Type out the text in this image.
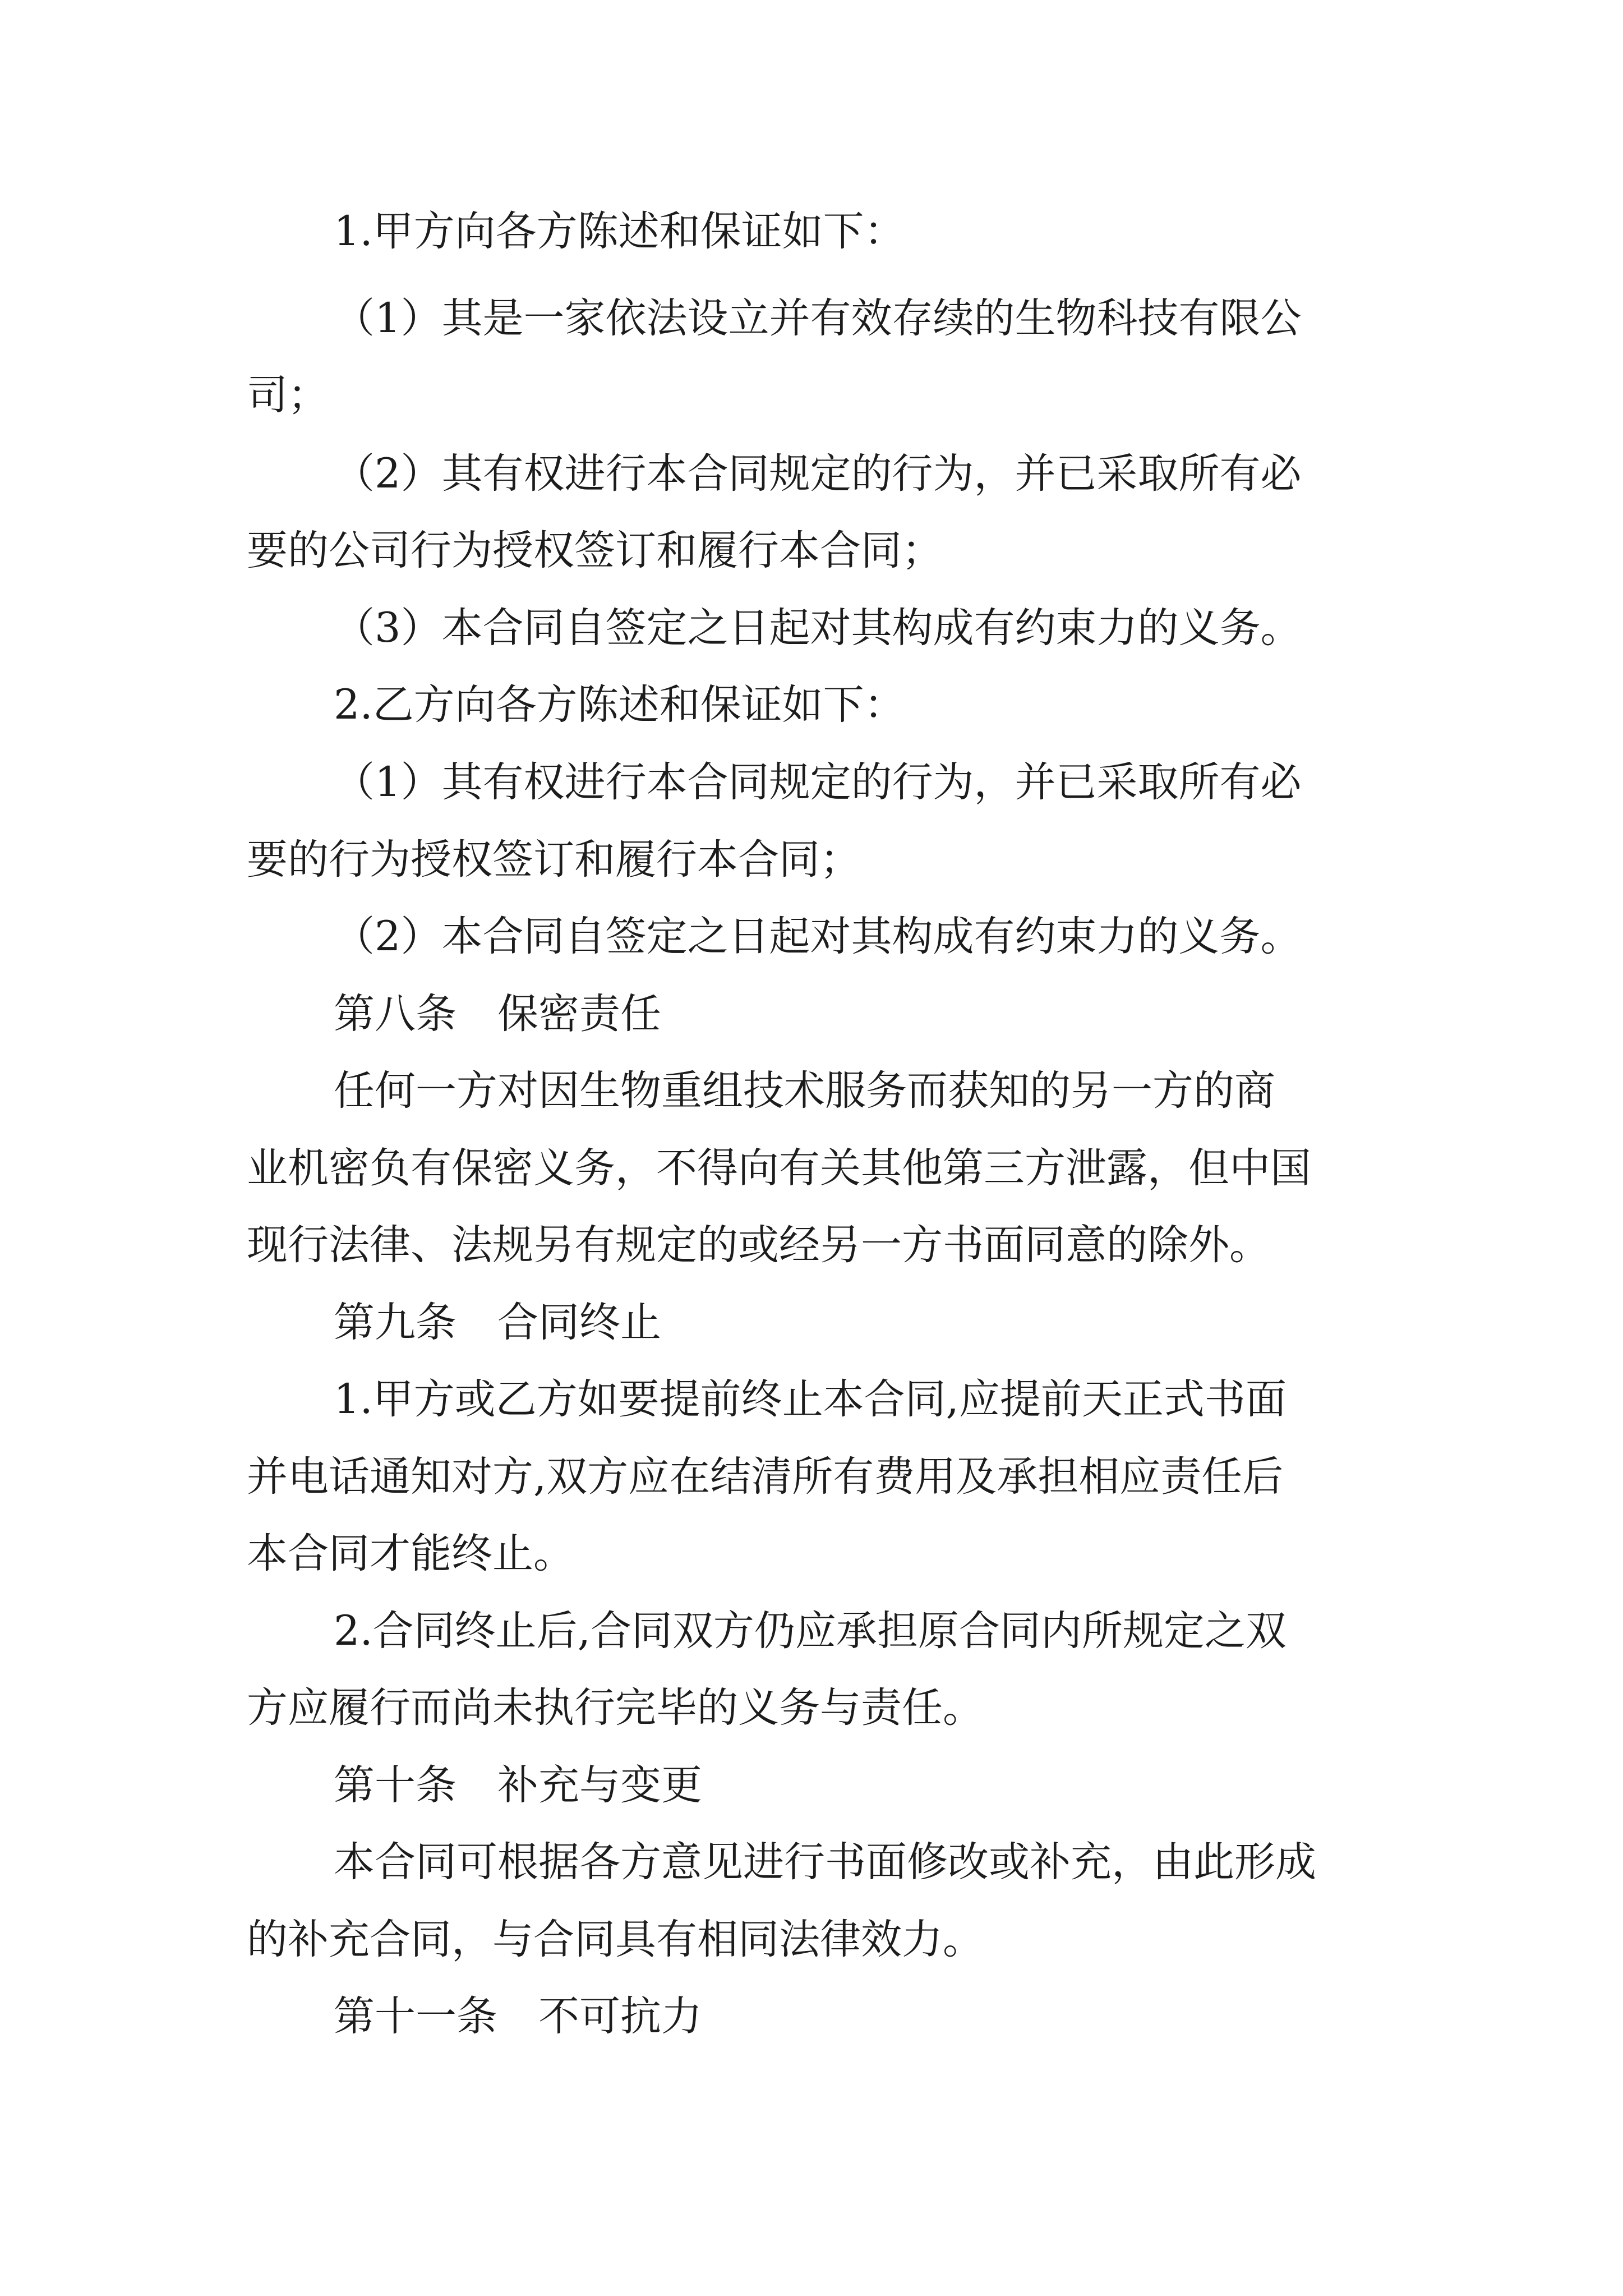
1.甲方向各方陈述和保证如下：
（1）其是一家依法设立并有效存续的生物科技有限公
司；
（2）其有权进行本合同规定的行为，并已采取所有必
要的公司行为授权签订和履行本合同；
（3）本合同自签定之日起对其构成有约束力的义务。
2.乙方向各方陈述和保证如下：
（1）其有权进行本合同规定的行为，并已采取所有必
要的行为授权签订和履行本合同；
（2）本合同自签定之日起对其构成有约束力的义务。
第八条　保密责任
任何一方对因生物重组技术服务而获知的另一方的商
业机密负有保密义务，不得向有关其他第三方泄露，但中国
现行法律、法规另有规定的或经另一方书面同意的除外。
第九条　合同终止
1.甲方或乙方如要提前终止本合同,应提前天正式书面
并电话通知对方,双方应在结清所有费用及承担相应责任后
本合同才能终止。
2.合同终止后,合同双方仍应承担原合同内所规定之双
方应履行而尚未执行完毕的义务与责任。
第十条　补充与变更
本合同可根据各方意见进行书面修改或补充，由此形成
的补充合同，与合同具有相同法律效力。
第十一条　不可抗力
